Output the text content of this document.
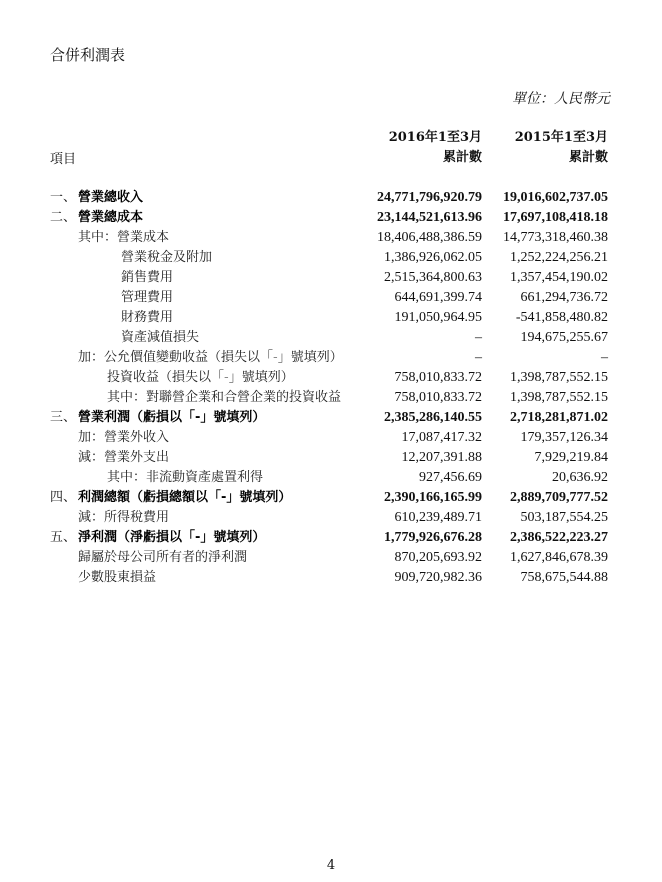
合併利潤表
單位：人民幣元
2016年1至3月
累計數
2015年1至3月
累計數
項目
一、 營業總收入	24,771,796,920.79 19,016,602,737.05
二、 營業總成本	23,144,521,613.96 17,697,108,418.18
其中：營業成本	18,406,488,386.59 14,773,318,460.38
營業稅金及附加	1,386,926,062.05 1,252,224,256.21
銷售費用	2,515,364,800.63 1,357,454,190.02
管理費用	644,691,399.74	661,294,736.72
財務費用	191,050,964.95 -541,858,480.82
資產減值損失	–	194,675,255.67
加：公允價值變動收益（損失以「-」號填列）	–	–
投資收益（損失以「-」號填列）	758,010,833.72 1,398,787,552.15
其中：對聯營企業和合營企業的投資收益	758,010,833.72 1,398,787,552.15
三、 營業利潤（虧損以「-」號填列）	2,385,286,140.55 2,718,281,871.02
加：營業外收入	17,087,417.32	179,357,126.34
減：營業外支出	12,207,391.88	7,929,219.84
其中：非流動資產處置利得	927,456.69	20,636.92
四、 利潤總額（虧損總額以「-」號填列）	2,390,166,165.99 2,889,709,777.52
減：所得稅費用	610,239,489.71	503,187,554.25
五、 淨利潤（淨虧損以「-」號填列）	1,779,926,676.28 2,386,522,223.27
歸屬於母公司所有者的淨利潤	870,205,693.92 1,627,846,678.39
少數股東損益	909,720,982.36	758,675,544.88
4
